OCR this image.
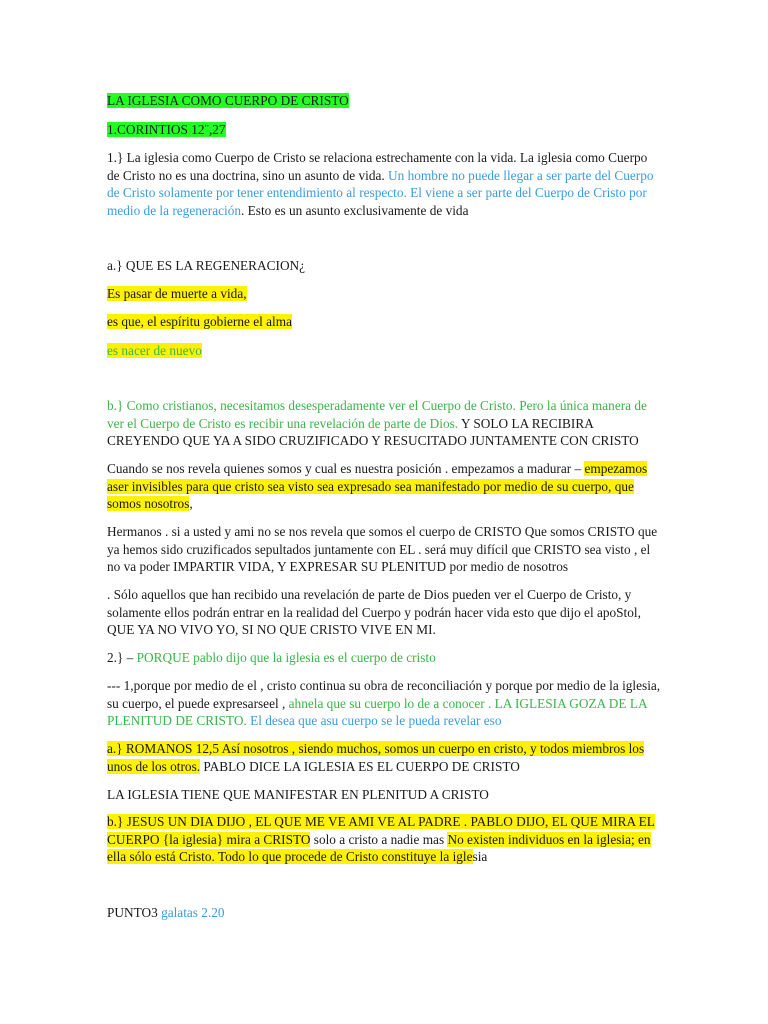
LA IGLESIA COMO CUERPO DE CRISTO

1.CORINTIOS 12¨,27

1.} La iglesia como Cuerpo de Cristo se relaciona estrechamente con la vida. La iglesia como Cuerpo de Cristo no es una doctrina, sino un asunto de vida. Un hombre no puede llegar a ser parte del Cuerpo de Cristo solamente por tener entendimiento al respecto. El viene a ser parte del Cuerpo de Cristo por medio de la regeneración. Esto es un asunto exclusivamente de vida

a.} QUE ES LA REGENERACION¿

Es pasar de muerte a vida,

es que, el espíritu gobierne el alma

es nacer de nuevo

b.} Como cristianos, necesitamos desesperadamente ver el Cuerpo de Cristo. Pero la única manera de ver el Cuerpo de Cristo es recibir una revelación de parte de Dios. Y SOLO LA RECIBIRA CREYENDO QUE YA A SIDO CRUZIFICADO Y RESUCITADO JUNTAMENTE CON CRISTO

Cuando se nos revela quienes somos y cual es nuestra posición . empezamos a madurar – empezamos aser invisibles para que cristo sea visto sea expresado sea manifestado por medio de su cuerpo, que somos nosotros,

Hermanos . si a usted y ami no se nos revela que somos el cuerpo de CRISTO Que somos CRISTO que ya hemos sido cruzificados sepultados juntamente con EL . será muy difícil que CRISTO sea visto , el no va poder IMPARTIR VIDA, Y EXPRESAR SU PLENITUD por medio de nosotros

. Sólo aquellos que han recibido una revelación de parte de Dios pueden ver el Cuerpo de Cristo, y solamente ellos podrán entrar en la realidad del Cuerpo y podrán hacer vida esto que dijo el apoStol, QUE YA NO VIVO YO, SI NO QUE CRISTO VIVE EN MI.

2.} – PORQUE pablo dijo que la iglesia es el cuerpo de cristo

--- 1,porque por medio de el , cristo continua su obra de reconciliación y porque por medio de la iglesia, su cuerpo, el puede expresarseel , ahnela que su cuerpo lo de a conocer . LA IGLESIA GOZA DE LA PLENITUD DE CRISTO. El desea que asu cuerpo se le pueda revelar eso

a.} ROMANOS 12,5 Así nosotros , siendo muchos, somos un cuerpo en cristo, y todos miembros los unos de los otros. PABLO DICE LA IGLESIA ES EL CUERPO DE CRISTO

LA IGLESIA TIENE QUE MANIFESTAR EN PLENITUD A CRISTO

b.} JESUS UN DIA DIJO , EL QUE ME VE AMI VE AL PADRE . PABLO DIJO, EL QUE MIRA EL CUERPO {la iglesia} mira a CRISTO solo a cristo a nadie mas No existen individuos en la iglesia; en ella sólo está Cristo. Todo lo que procede de Cristo constituye la iglesia

PUNTO3 galatas 2.20
